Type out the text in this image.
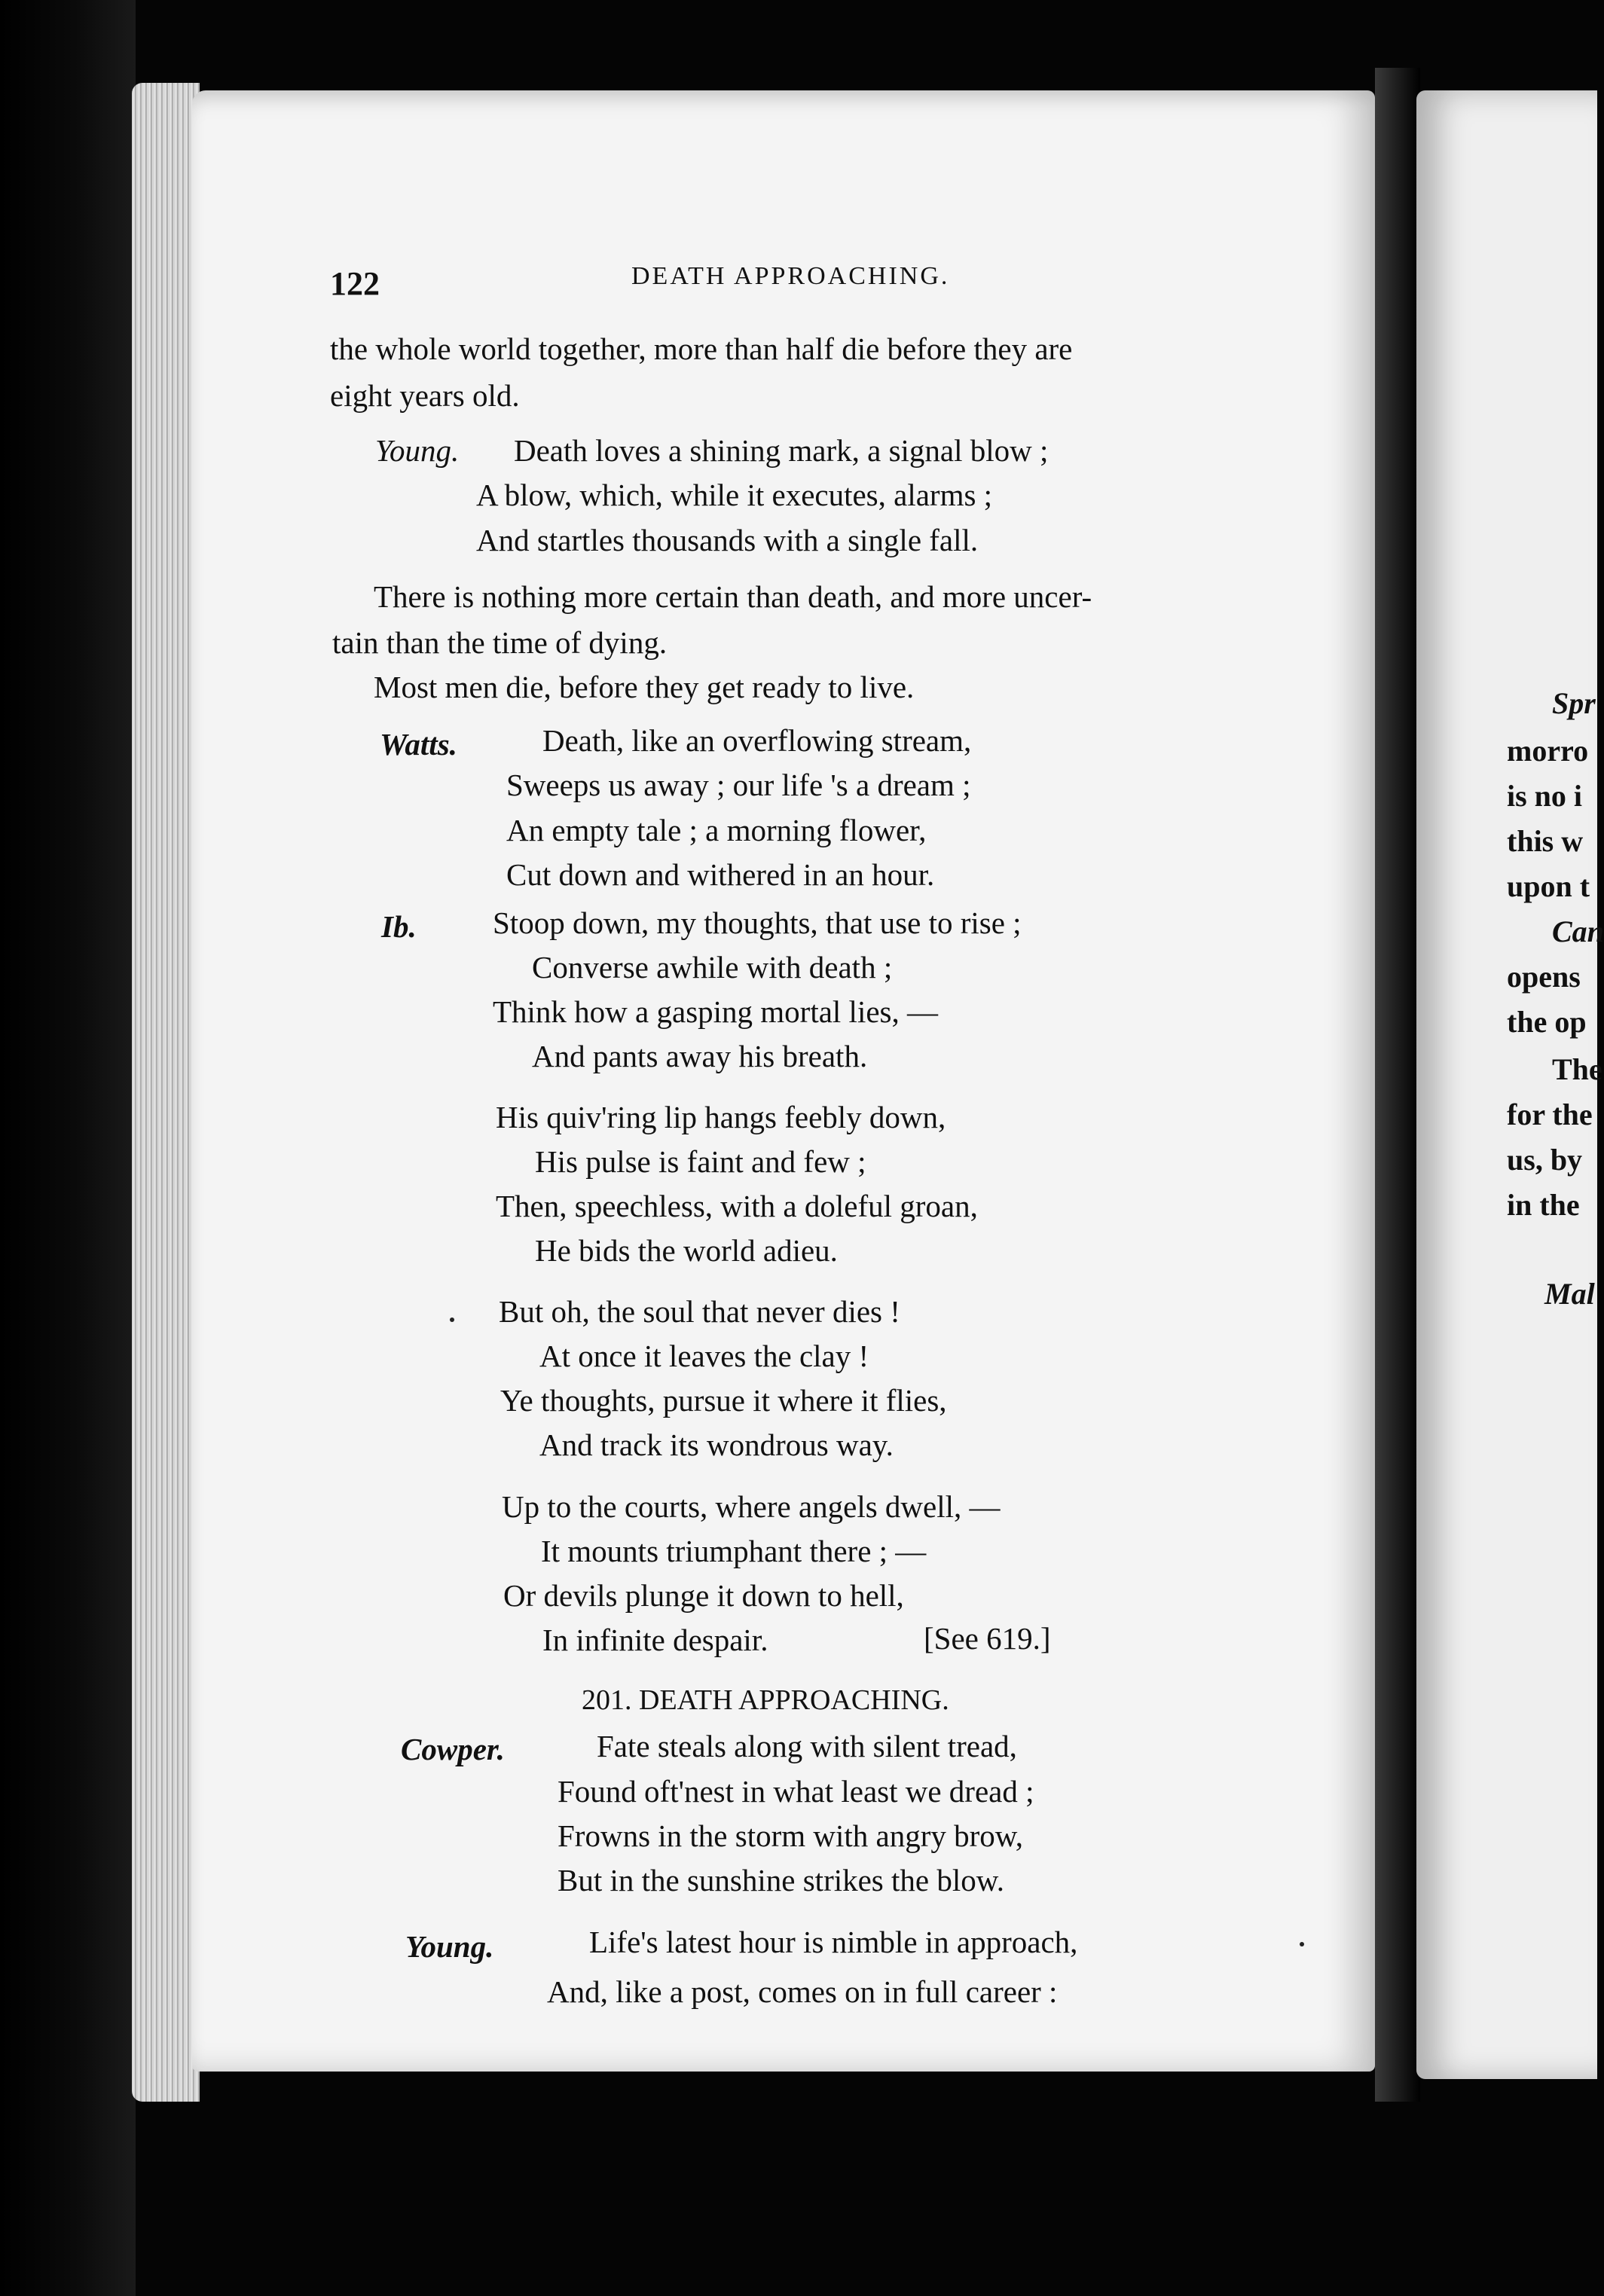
122	DEATH APPROACHING.
the whole world together, more than half die before they are
eight years old.
Young. Death loves a shining mark, a signal blow ;
A blow, which, while it executes, alarms ;
And startles thousands with a single fall.
There is nothing more certain than death, and more uncer-
tain than the time of dying.
Most men die, before they get ready to live.
Watts.	Death, like an overflowing stream,
Sweeps us away ; our life 's a dream ;
An empty tale ; a morning flower,
Cut down and withered in an hour.
Ib. Stoop down, my thoughts, that use to rise ;
Converse awhile with death ;
Think how a gasping mortal lies, —
And pants away his breath.
His quiv'ring lip hangs feebly down,
His pulse is faint and few ;
Then, speechless, with a doleful groan,
He bids the world adieu.
But oh, the soul that never dies !
At once it leaves the clay !
Ye thoughts, pursue it where it flies,
And track its wondrous way.
Up to the courts, where angels dwell, —
It mounts triumphant there ; —
Or devils plunge it down to hell,
In infinite despair.	[See 619.]
201. DEATH APPROACHING.
Cowper.	Fate steals along with silent tread,
Found oft'nest in what least we dread ;
Frowns in the storm with angry brow,
But in the sunshine strikes the blow.
Young.	Life's latest hour is nimble in approach,
And, like a post, comes on in full career :
Spr
morro
is no i
this w
upon t
Can
opens
the op
The
for the
us, by
in the
Mal
